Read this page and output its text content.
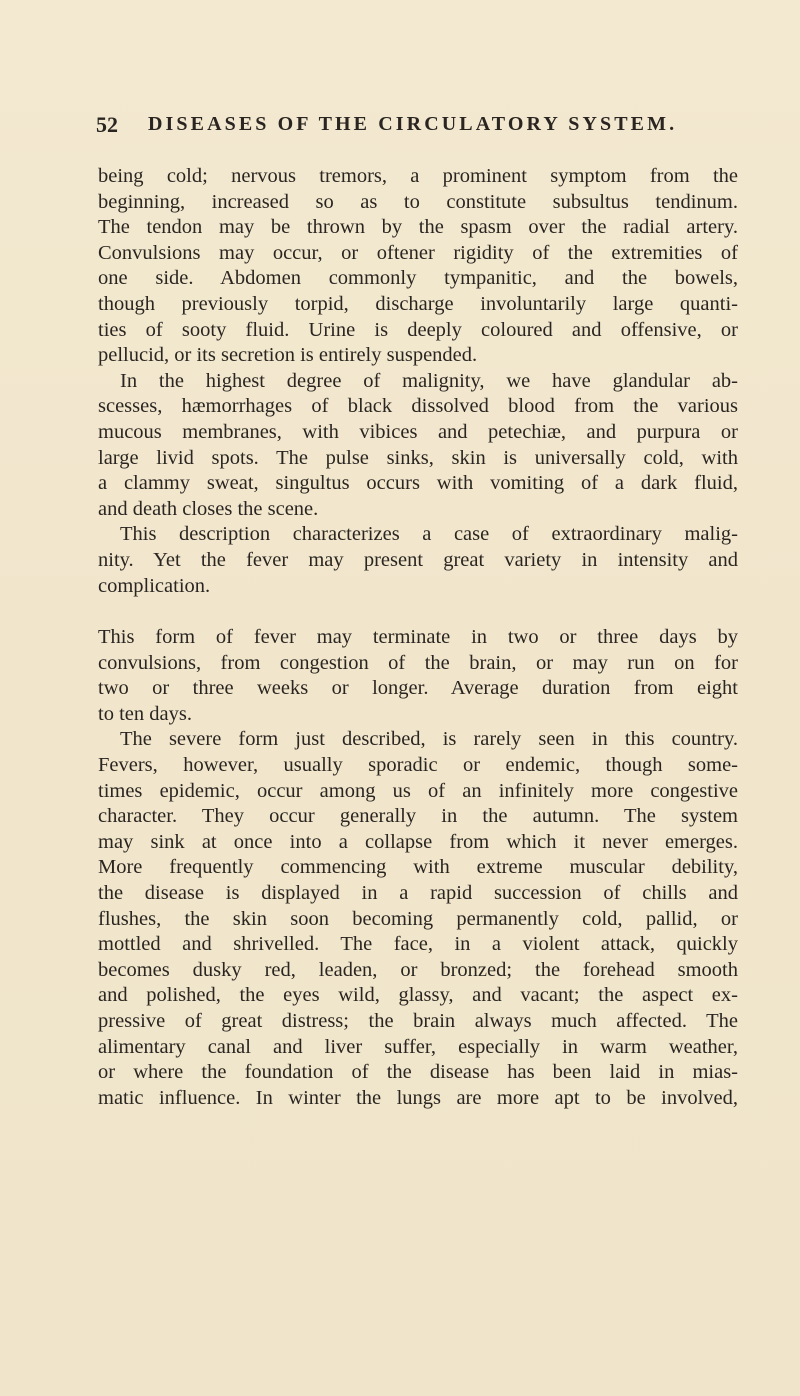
52 DISEASES OF THE CIRCULATORY SYSTEM.
being cold; nervous tremors, a prominent symptom from the
beginning, increased so as to constitute subsultus tendinum.
The tendon may be thrown by the spasm over the radial artery.
Convulsions may occur, or oftener rigidity of the extremities of
one side. Abdomen commonly tympanitic, and the bowels,
though previously torpid, discharge involuntarily large quanti-
ties of sooty fluid. Urine is deeply coloured and offensive, or
pellucid, or its secretion is entirely suspended.
In the highest degree of malignity, we have glandular ab-
scesses, hæmorrhages of black dissolved blood from the various
mucous membranes, with vibices and petechiæ, and purpura or
large livid spots. The pulse sinks, skin is universally cold, with
a clammy sweat, singultus occurs with vomiting of a dark fluid,
and death closes the scene.
This description characterizes a case of extraordinary malig-
nity. Yet the fever may present great variety in intensity and
complication.
This form of fever may terminate in two or three days by
convulsions, from congestion of the brain, or may run on for
two or three weeks or longer. Average duration from eight
to ten days.
The severe form just described, is rarely seen in this country.
Fevers, however, usually sporadic or endemic, though some-
times epidemic, occur among us of an infinitely more congestive
character. They occur generally in the autumn. The system
may sink at once into a collapse from which it never emerges.
More frequently commencing with extreme muscular debility,
the disease is displayed in a rapid succession of chills and
flushes, the skin soon becoming permanently cold, pallid, or
mottled and shrivelled. The face, in a violent attack, quickly
becomes dusky red, leaden, or bronzed; the forehead smooth
and polished, the eyes wild, glassy, and vacant; the aspect ex-
pressive of great distress; the brain always much affected. The
alimentary canal and liver suffer, especially in warm weather,
or where the foundation of the disease has been laid in mias-
matic influence. In winter the lungs are more apt to be involved,
